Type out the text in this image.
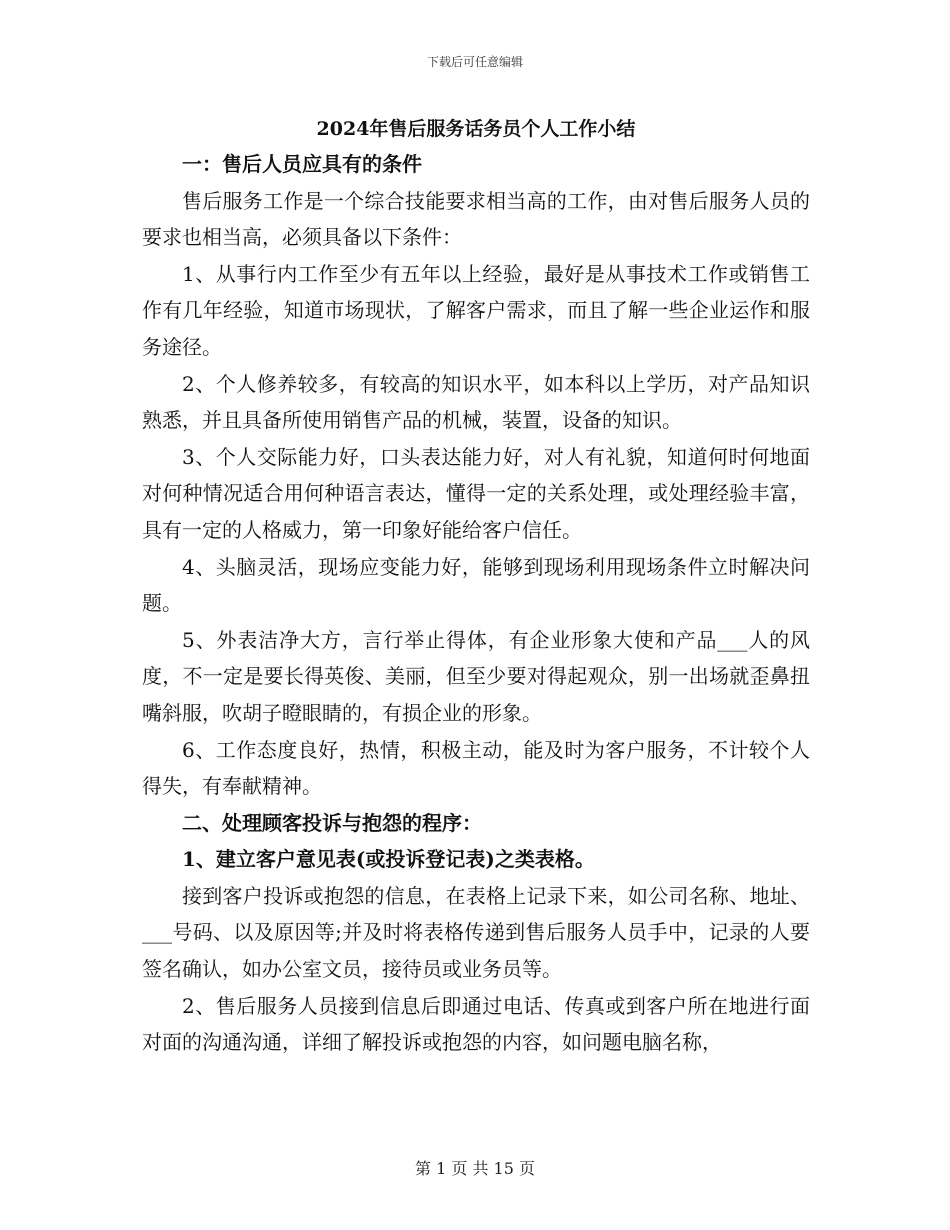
下载后可任意编辑
2024年售后服务话务员个人工作小结

一：售后人员应具有的条件

售后服务工作是一个综合技能要求相当高的工作，由对售后服务人员的要求也相当高，必须具备以下条件：

1、从事行内工作至少有五年以上经验，最好是从事技术工作或销售工作有几年经验，知道市场现状，了解客户需求，而且了解一些企业运作和服务途径。

2、个人修养较多，有较高的知识水平，如本科以上学历，对产品知识熟悉，并且具备所使用销售产品的机械，装置，设备的知识。

3、个人交际能力好，口头表达能力好，对人有礼貌，知道何时何地面对何种情况适合用何种语言表达，懂得一定的关系处理，或处理经验丰富，具有一定的人格威力，第一印象好能给客户信任。

4、头脑灵活，现场应变能力好，能够到现场利用现场条件立时解决问题。

5、外表洁净大方，言行举止得体，有企业形象大使和产品___人的风度，不一定是要长得英俊、美丽，但至少要对得起观众，别一出场就歪鼻扭嘴斜服，吹胡子瞪眼睛的，有损企业的形象。

6、工作态度良好，热情，积极主动，能及时为客户服务，不计较个人得失，有奉献精神。

二、处理顾客投诉与抱怨的程序：

1、建立客户意见表(或投诉登记表)之类表格。

接到客户投诉或抱怨的信息，在表格上记录下来，如公司名称、地址、___号码、以及原因等;并及时将表格传递到售后服务人员手中，记录的人要签名确认，如办公室文员，接待员或业务员等。

2、售后服务人员接到信息后即通过电话、传真或到客户所在地进行面对面的沟通沟通，详细了解投诉或抱怨的内容，如问题电脑名称，

第 1 页 共 15 页
